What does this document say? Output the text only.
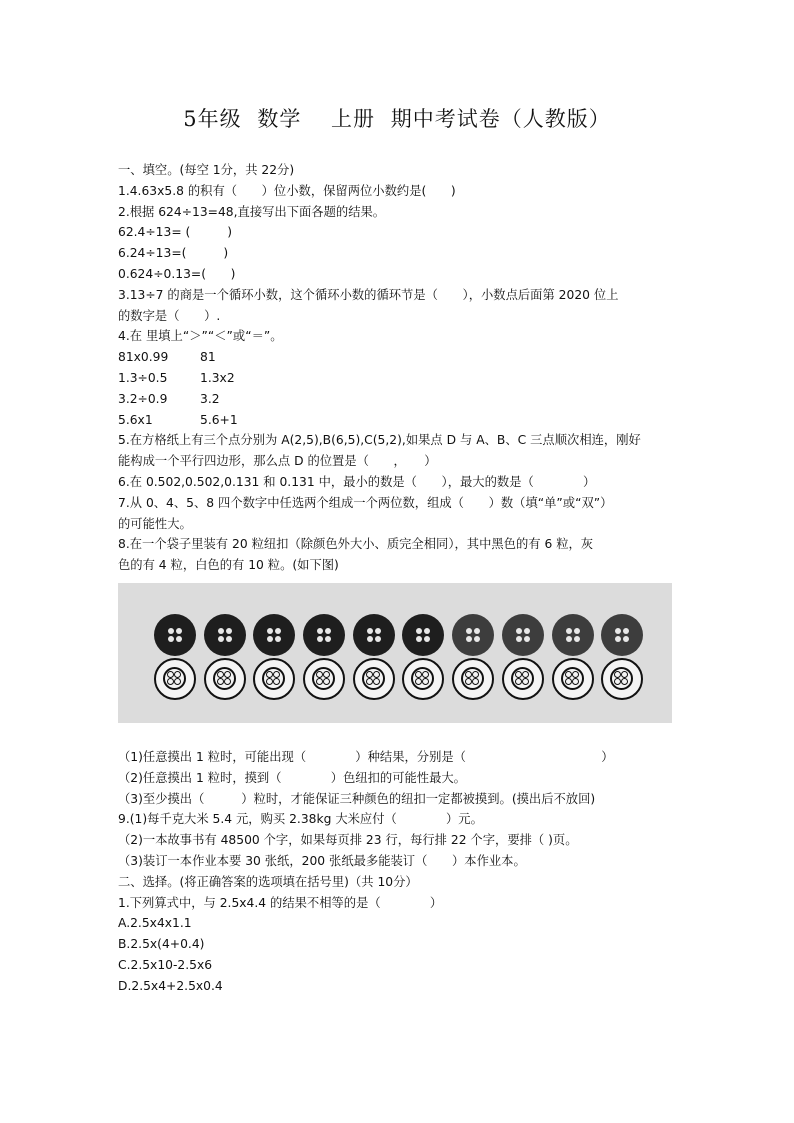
5年级 数学 上册 期中考试卷（人教版）
一、填空。(每空 1分，共 22分)
1.4.63x5.8 的积有（　　）位小数，保留两位小数约是(　　)
2.根据 624÷13=48,直接写出下面各题的结果。
62.4÷13= (　　　)
6.24÷13=(　　　)
0.624÷0.13=(　　)
3.13÷7 的商是一个循环小数，这个循环小数的循环节是（　　），小数点后面第 2020 位上
的数字是（　　）.
4.在 里填上“＞”“＜”或“＝”。
81x0.99	81
1.3÷0.5	1.3x2
3.2÷0.9	3.2
5.6x1	5.6+1
5.在方格纸上有三个点分别为 A(2,5),B(6,5),C(5,2),如果点 D 与 A、B、C 三点顺次相连，刚好
能构成一个平行四边形，那么点 D 的位置是（　　，　　）
6.在 0.502,0.502,0.131 和 0.131 中，最小的数是（　　），最大的数是（　　　　）
7.从 0、4、5、8 四个数字中任选两个组成一个两位数，组成（　　）数（填“单”或“双”）
的可能性大。
8.在一个袋子里装有 20 粒纽扣（除颜色外大小、质完全相同），其中黑色的有 6 粒，灰
色的有 4 粒，白色的有 10 粒。(如下图)
（1)任意摸出 1 粒时，可能出现（　　　　）种结果，分别是（　　　　　　　　　　　）
（2)任意摸出 1 粒时，摸到（　　　　）色纽扣的可能性最大。
（3)至少摸出（　　　）粒时，才能保证三种颜色的纽扣一定都被摸到。(摸出后不放回)
9.(1)每千克大米 5.4 元，购买 2.38kg 大米应付（　　　　）元。
（2)一本故事书有 48500 个字，如果每页排 23 行，每行排 22 个字，要排（ )页。
（3)装订一本作业本要 30 张纸，200 张纸最多能装订（　　）本作业本。
二、选择。(将正确答案的选项填在括号里)（共 10分）
1.下列算式中，与 2.5x4.4 的结果不相等的是（　　　　）
A.2.5x4x1.1
B.2.5x(4+0.4)
C.2.5x10-2.5x6
D.2.5x4+2.5x0.4
